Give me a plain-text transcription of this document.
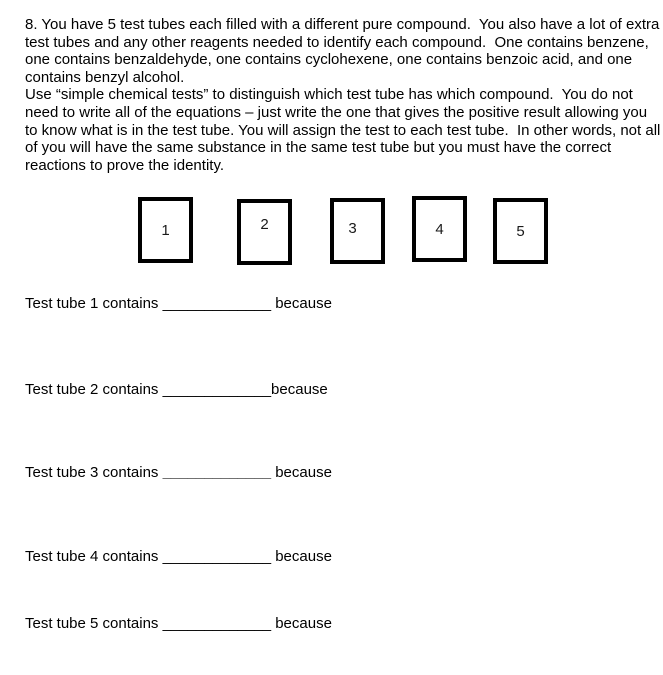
8. You have 5 test tubes each filled with a different pure compound.  You also have a lot of extra
test tubes and any other reagents needed to identify each compound.  One contains benzene,
one contains benzaldehyde, one contains cyclohexene, one contains benzoic acid, and one
contains benzyl alcohol.
Use “simple chemical tests” to distinguish which test tube has which compound.  You do not
need to write all of the equations – just write the one that gives the positive result allowing you
to know what is in the test tube. You will assign the test to each test tube.  In other words, not all
of you will have the same substance in the same test tube but you must have the correct
reactions to prove the identity.
1	2	3	4	5
Test tube 1 contains _____________ because
Test tube 2 contains _____________because
Test tube 3 contains _____________ because
Test tube 4 contains _____________ because
Test tube 5 contains _____________ because
